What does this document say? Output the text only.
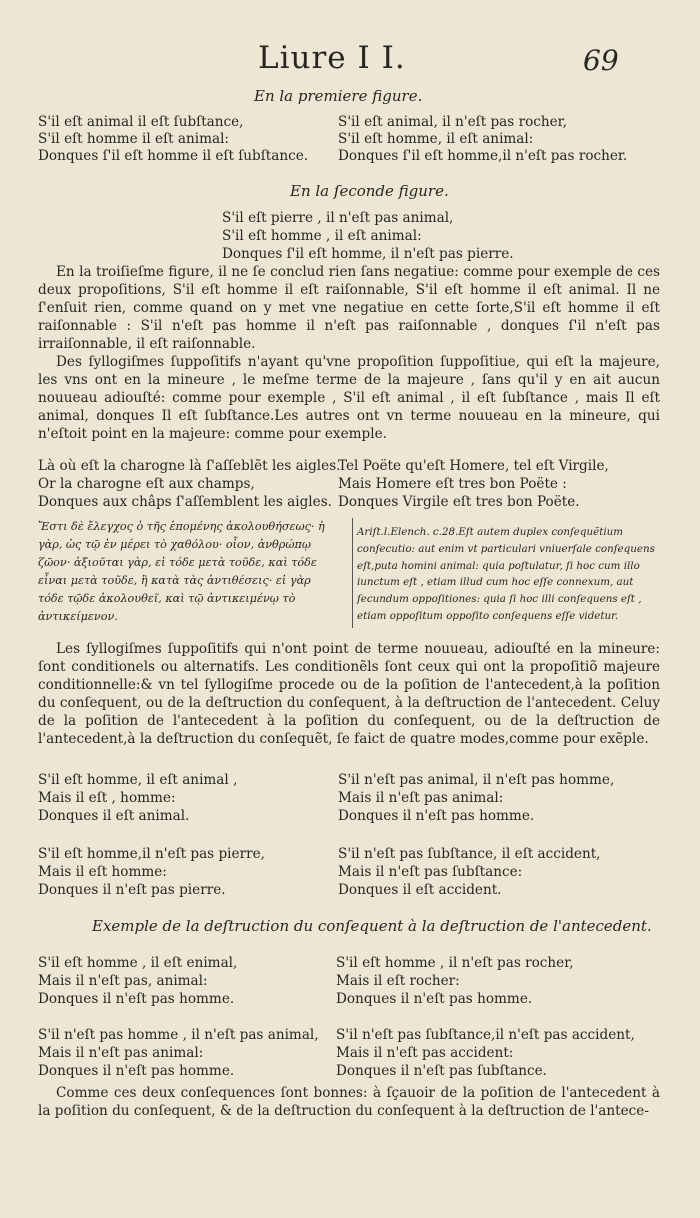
Liure I I.	69
En la premiere figure.
S'il eſt animal il eſt ſubſtance,
S'il eſt homme il eſt animal:
Donques ſ'il eſt homme il eſt ſubſtance.
S'il eſt animal, il n'eſt pas rocher,
S'il eſt homme, il eſt animal:
Donques ſ'il eſt homme,il n'eſt pas rocher.
En la ſeconde figure.
S'il eſt pierre , il n'eſt pas animal,
S'il eſt homme , il eſt animal:
Donques ſ'il eſt homme, il n'eſt pas pierre.

En la troiſieſme figure, il ne ſe conclud rien ſans negatiue: comme pour exemple de ces deux propoſitions, S'il eſt homme il eſt raiſonnable, S'il eſt homme il eſt animal. Il ne ſ'enſuit rien, comme quand on y met vne negatiue en cette ſorte,S'il eſt homme il eſt raiſonnable : S'il n'eſt pas homme il n'eſt pas raiſonnable , donques ſ'il n'eſt pas irraiſonnable, il eſt raiſonnable.

Des ſyllogiſmes ſuppoſitifs n'ayant qu'vne propoſition ſuppoſitiue, qui eſt la majeure, les vns ont en la mineure , le meſme terme de la majeure , ſans qu'il y en ait aucun nouueau adiouſté: comme pour exemple , S'il eſt animal , il eſt ſubſtance , mais Il eſt animal, donques Il eſt ſubſtance.Les autres ont vn terme nouueau en la mineure, qui n'eſtoit point en la majeure: comme pour exemple.

Là où eſt la charogne là ſ'aſſeblẽt les aigles.
Or la charogne eſt aux champs,
Donques aux châps ſ'aſſemblent les aigles.
Tel Poëte qu'eſt Homere, tel eſt Virgile,
Mais Homere eſt tres bon Poëte :
Donques Virgile eſt tres bon Poëte.
Ἔστι δὲ ἔλεγχος ὁ τῆς ἑπομένης ἀκολουθήσεως· ἡ γὰρ, ὡς τῷ ἐν μέρει τὸ χαθόλου· οἷον, ἀνθρώπῳ ζῶον· ἀξιοῦται γὰρ, εἰ τόδε μετὰ τοῦδε, καὶ τόδε εἶναι μετὰ τοῦδε, ἢ κατὰ τὰς ἀντιθέσεις· εἰ γὰρ τόδε τῷδε ἀκολουθεῖ, καὶ τῷ ἀντικειμένῳ τὸ ἀντικείμενον.
Ariſt.l.Elench. c.28.Eſt autem duplex conſequẽtium conſecutio: aut enim vt particulari vniuerſale conſequens eſt,puta homini animal: quia poſtulatur, ſi hoc cum illo iunctum eſt , etiam illud cum hoc eſſe connexum, aut ſecundum oppoſitiones: quia ſi hoc illi conſequens eſt , etiam oppoſitum oppoſito conſequens eſſe videtur.

Les ſyllogiſmes ſuppoſitifs qui n'ont point de terme nouueau, adiouſté en la mineure: ſont conditionels ou alternatifs. Les conditionẽls ſont ceux qui ont la propoſitiõ majeure conditionnelle:& vn tel ſyllogiſme procede ou de la poſition de l'antecedent,à la poſition du conſequent, ou de la deſtruction du conſequent, à la deſtruction de l'antecedent. Celuy de la poſition de l'antecedent à la poſition du conſequent, ou de la deſtruction de l'antecedent,à la deſtruction du conſequẽt, ſe faict de quatre modes,comme pour exẽple.

S'il eſt homme, il eſt animal ,
Mais il eſt , homme:
Donques il eſt animal.
S'il n'eſt pas animal, il n'eſt pas homme,
Mais il n'eſt pas animal:
Donques il n'eſt pas homme.
S'il eſt homme,il n'eſt pas pierre,
Mais il eſt homme:
Donques il n'eſt pas pierre.
S'il n'eſt pas ſubſtance, il eſt accident,
Mais il n'eſt pas ſubſtance:
Donques il eſt accident.
Exemple de la deſtruction du conſequent à la deſtruction de l'antecedent.
S'il eſt homme , il eſt enimal,
Mais il n'eſt pas, animal:
Donques il n'eſt pas homme.
S'il eſt homme , il n'eſt pas rocher,
Mais il eſt rocher:
Donques il n'eſt pas homme.
S'il n'eſt pas homme , il n'eſt pas animal,
Mais il n'eſt pas animal:
Donques il n'eſt pas homme.
S'il n'eſt pas ſubſtance,il n'eſt pas accident,
Mais il n'eſt pas accident:
Donques il n'eſt pas ſubſtance.

Comme ces deux conſequences ſont bonnes: à ſçauoir de la poſition de l'antecedent à la poſition du conſequent, & de la deſtruction du conſequent à la deſtruction de l'antece-
